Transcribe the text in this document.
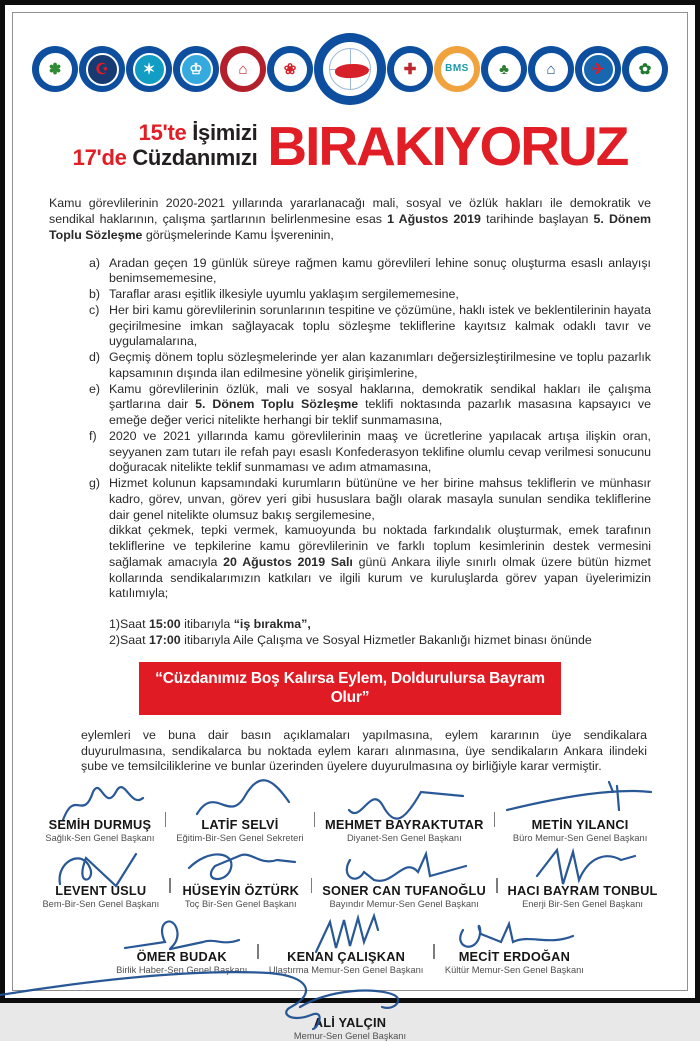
✽	☪	✶	♔	⌂	❀	✚	BMS	♣	⌂	✈	✿
15'te İşimizi
17'de Cüzdanımızı BIRAKIYORUZ

Kamu görevlilerinin 2020-2021 yıllarında yararlanacağı mali, sosyal ve özlük hakları ile demokratik ve sendikal haklarının, çalışma şartlarının belirlenmesine esas 1 Ağustos 2019 tarihinde başlayan 5. Dönem Toplu Sözleşme görüşmelerinde Kamu İşvereninin,

a) Aradan geçen 19 günlük süreye rağmen kamu görevlileri lehine sonuç oluşturma esaslı anlayışı benimsememesine,
b) Taraflar arası eşitlik ilkesiyle uyumlu yaklaşım sergilememesine,
c) Her biri kamu görevlilerinin sorunlarının tespitine ve çözümüne, haklı istek ve beklentilerinin hayata geçirilmesine imkan sağlayacak toplu sözleşme tekliflerine kayıtsız kalmak odaklı tavır ve uygulamalarına,
d) Geçmiş dönem toplu sözleşmelerinde yer alan kazanımları değersizleştirilmesine ve toplu pazarlık kapsamının dışında ilan edilmesine yönelik girişimlerine,
e) Kamu görevlilerinin özlük, mali ve sosyal haklarına, demokratik sendikal hakları ile çalışma şartlarına dair 5. Dönem Toplu Sözleşme teklifi noktasında pazarlık masasına kapsayıcı ve emeğe değer verici nitelikte herhangi bir teklif sunmamasına,
f)	2020 ve 2021 yıllarında kamu görevlilerinin maaş ve ücretlerine yapılacak artışa ilişkin oran, seyyanen zam tutarı ile refah payı esaslı Konfederasyon teklifine olumlu cevap verilmesi sonucunu doğuracak nitelikte teklif sunmaması ve adım atmamasına,
g) Hizmet kolunun kapsamındaki kurumların bütününe ve her birine mahsus tekliflerin ve münhasır kadro, görev, unvan, görev yeri gibi hususlara bağlı olarak masayla sunulan sendika tekliflerine dair genel nitelikte olumsuz bakış sergilemesine,

dikkat çekmek, tepki vermek, kamuoyunda bu noktada farkındalık oluşturmak, emek tarafının tekliflerine ve tepkilerine kamu görevlilerinin ve farklı toplum kesimlerinin destek vermesini sağlamak amacıyla 20 Ağustos 2019 Salı günü Ankara iliyle sınırlı olmak üzere bütün hizmet kollarında sendikalarımızın katkıları ve ilgili kurum ve kuruluşlarda görev yapan üyelerimizin katılımıyla;

1)Saat 15:00 itibarıyla “iş bırakma”,
2)Saat 17:00 itibarıyla Aile Çalışma ve Sosyal Hizmetler Bakanlığı hizmet binası önünde
“Cüzdanımız Boş Kalırsa Eylem, Doldurulursa Bayram Olur”

eylemleri ve buna dair basın açıklamaları yapılmasına, eylem kararının üye sendikalara duyurulmasına, sendikalarca bu noktada eylem kararı alınmasına, üye sendikaların Ankara ilindeki şube ve temsilciliklerine ve bunlar üzerinden üyelere duyurulmasına oy birliğiyle karar vermiştir.

SEMİH DURMUŞ
Sağlık-Sen Genel Başkanı
LATİF SELVİ
Eğitim-Bir-Sen Genel Sekreteri
MEHMET BAYRAKTUTAR
Diyanet-Sen Genel Başkanı
METİN YILANCI
Büro Memur-Sen Genel Başkanı
LEVENT USLU
Bem-Bir-Sen Genel Başkanı
HÜSEYİN ÖZTÜRK
Toç Bir-Sen Genel Başkanı
SONER CAN TUFANOĞLU
Bayındır Memur-Sen Genel Başkanı
HACI BAYRAM TONBUL
Enerji Bir-Sen Genel Başkanı
ÖMER BUDAK
Birlik Haber-Sen Genel Başkanı
KENAN ÇALIŞKAN
Ulaştırma Memur-Sen Genel Başkanı
MECİT ERDOĞAN
Kültür Memur-Sen Genel Başkanı
ALİ YALÇIN
Memur-Sen Genel Başkanı
